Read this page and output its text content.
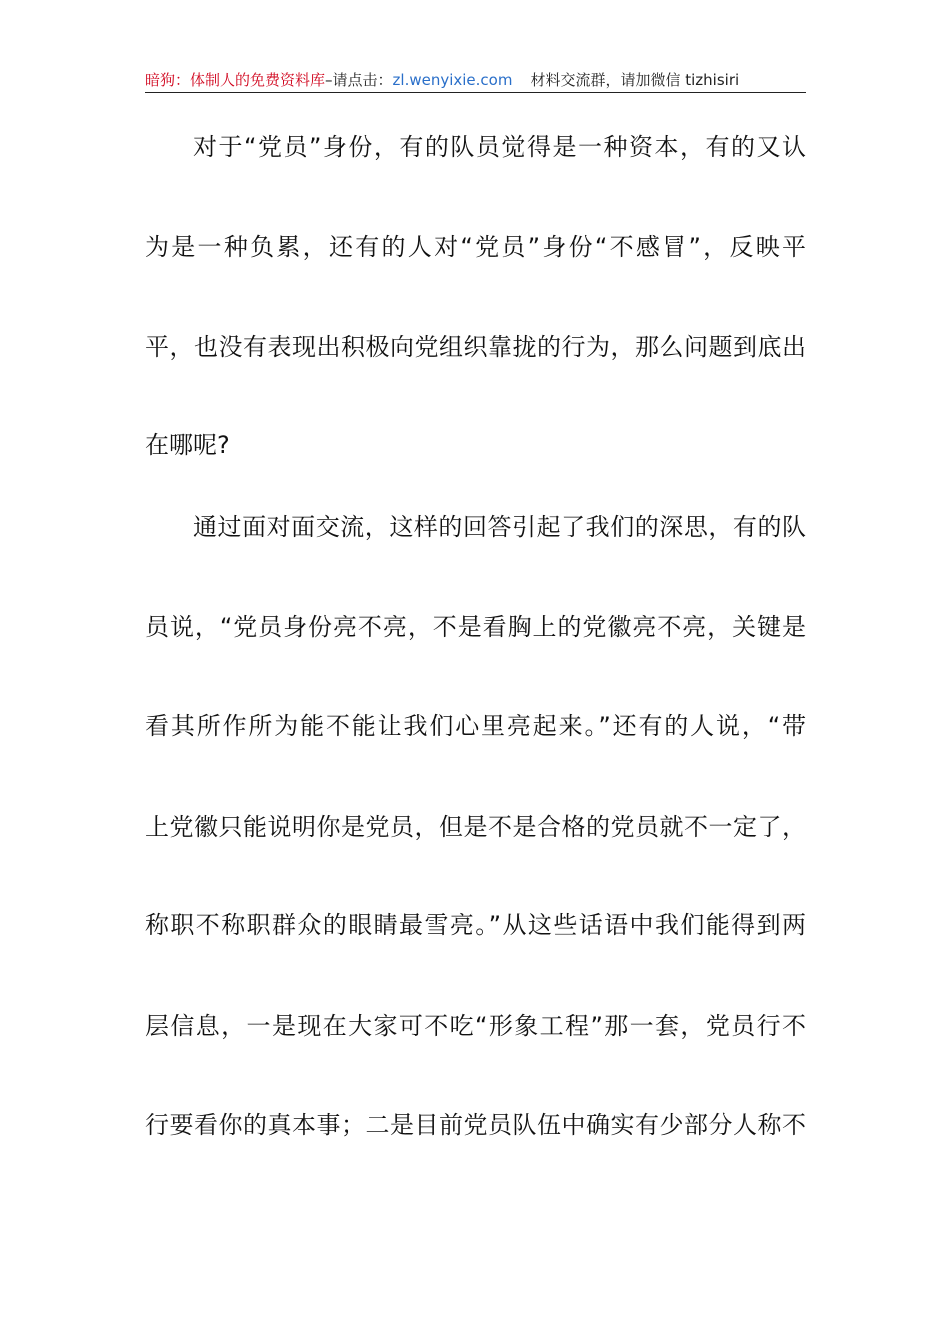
暗狗：体制人的免费资料库–请点击：zl.wenyixie.com 材料交流群，请加微信 tizhisiri
对于“党员”身份，有的队员觉得是一种资本，有的又认
为是一种负累，还有的人对“党员”身份“不感冒”，反映平
平，也没有表现出积极向党组织靠拢的行为，那么问题到底出
在哪呢?
通过面对面交流，这样的回答引起了我们的深思，有的队
员说，“党员身份亮不亮，不是看胸上的党徽亮不亮，关键是
看其所作所为能不能让我们心里亮起来。”还有的人说，“带
上党徽只能说明你是党员，但是不是合格的党员就不一定了，
称职不称职群众的眼睛最雪亮。”从这些话语中我们能得到两
层信息，一是现在大家可不吃“形象工程”那一套，党员行不
行要看你的真本事；二是目前党员队伍中确实有少部分人称不
